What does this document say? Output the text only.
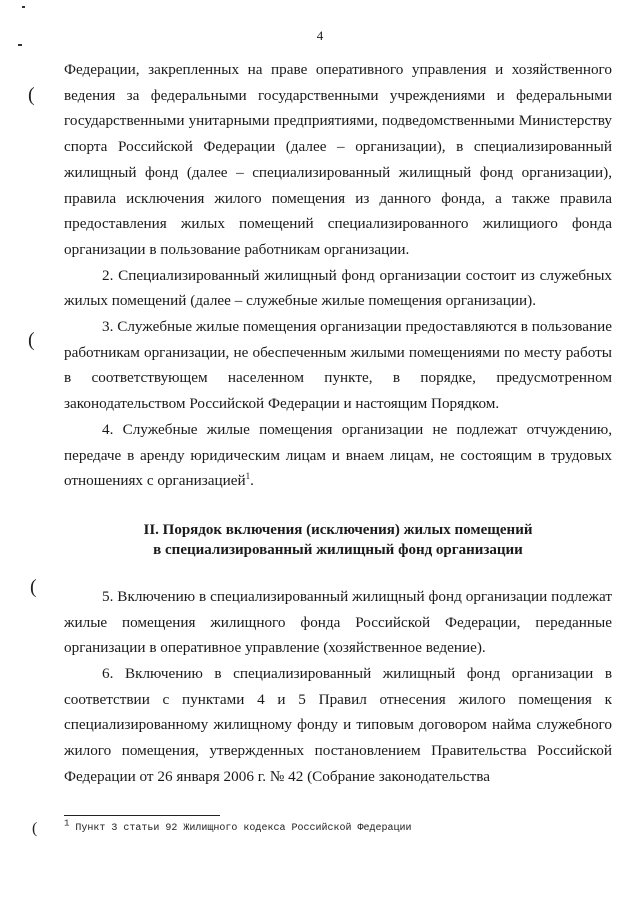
4
(
(
(
(

Федерации, закрепленных на праве оперативного управления и хозяйственного ведения за федеральными государственными учреждениями и федеральными государственными унитарными предприятиями, подведомственными Министерству спорта Российской Федерации (далее – организации), в специализированный жилищный фонд (далее – специализированный жилищный фонд организации), правила исключения жилого помещения из данного фонда, а также правила предоставления жилых помещений специализированного жилищиого фонда организации в пользование работникам организации.

2. Специализированный жилищный фонд организации состоит из служебных жилых помещений (далее – служебные жилые помещения организации).

3. Служебные жилые помещения организации предоставляются в пользование работникам организации, не обеспеченным жилыми помещениями по месту работы в соответствующем населенном пункте, в порядке, предусмотренном законодательством Российской Федерации и настоящим Порядком.

4. Служебные жилые помещения организации не подлежат отчуждению, передаче в аренду юридическим лицам и внаем лицам, не состоящим в трудовых отношениях с организацией$^1$.

II. Порядок включения (исключения) жилых помещений

в специализированный жилищный фонд организации

5. Включению в специализированный жилищный фонд организации подлежат жилые помещения жилищного фонда Российской Федерации, переданные организации в оперативное управление (хозяйственное ведение).

6. Включению в специализированный жилищный фонд организации в соответствии с пунктами 4 и 5 Правил отнесения жилого помещения к специализированному жилищному фонду и типовым договором найма служебного жилого помещения, утвержденных постановлением Правительства Российской Федерации от 26 января 2006 г. № 42 (Собрание законодательства

$^1$ Пункт 3 статьи 92 Жилищного кодекса Российской Федерации
